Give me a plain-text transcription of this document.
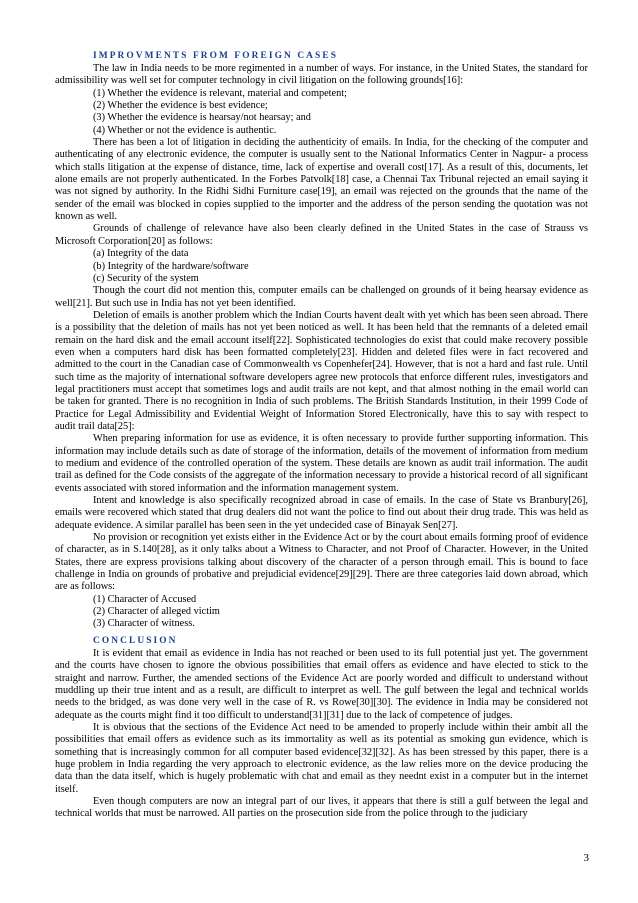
IMPROVMENTS FROM FOREIGN CASES

The law in India needs to be more regimented in a number of ways. For instance, in the United States, the standard for admissibility was well set for computer technology in civil litigation on the following grounds[16]:

(1) Whether the evidence is relevant, material and competent;

(2) Whether the evidence is best evidence;

(3) Whether the evidence is hearsay/not hearsay; and

(4) Whether or not the evidence is authentic.

There has been a lot of litigation in deciding the authenticity of emails. In India, for the checking of the computer and authenticating of any electronic evidence, the computer is usually sent to the National Informatics Center in Nagpur- a process which stalls litigation at the expense of distance, time, lack of expertise and overall cost[17]. As a result of this, documents, let alone emails are not properly authenticated. In the Forbes Patvolk[18] case, a Chennai Tax Tribunal rejected an email saying it was not signed by authority. In the Ridhi Sidhi Furniture case[19], an email was rejected on the grounds that the name of the sender of the email was blocked in copies supplied to the importer and the address of the person sending the quotation was not known as well.

Grounds of challenge of relevance have also been clearly defined in the United States in the case of Strauss vs Microsoft Corporation[20] as follows:

(a) Integrity of the data

(b) Integrity of the hardware/software

(c) Security of the system

Though the court did not mention this, computer emails can be challenged on grounds of it being hearsay evidence as well[21]. But such use in India has not yet been identified.

Deletion of emails is another problem which the Indian Courts havent dealt with yet which has been seen abroad. There is a possibility that the deletion of mails has not yet been noticed as well. It has been held that the remnants of a deleted email remain on the hard disk and the email account itself[22]. Sophisticated technologies do exist that could make recovery possible even when a computers hard disk has been formatted completely[23]. Hidden and deleted files were in fact recovered and admitted to the court in the Canadian case of Commonwealth vs Copenhefer[24]. However, that is not a hard and fast rule. Until such time as the majority of international software developers agree new protocols that enforce different rules, investigators and legal practitioners must accept that sometimes logs and audit trails are not kept, and that almost nothing in the email world can be taken for granted. There is no recognition in India of such problems. The British Standards Institution, in their 1999 Code of Practice for Legal Admissibility and Evidential Weight of Information Stored Electronically, have this to say with respect to audit trail data[25]:

When preparing information for use as evidence, it is often necessary to provide further supporting information. This information may include details such as date of storage of the information, details of the movement of information from medium to medium and evidence of the controlled operation of the system. These details are known as audit trail information. The audit trail as defined for the Code consists of the aggregate of the information necessary to provide a historical record of all significant events associated with stored information and the information management system.

Intent and knowledge is also specifically recognized abroad in case of emails. In the case of State vs Branbury[26], emails were recovered which stated that drug dealers did not want the police to find out about their drug trade. This was held as adequate evidence. A similar parallel has been seen in the yet undecided case of Binayak Sen[27].

No provision or recognition yet exists either in the Evidence Act or by the court about emails forming proof of evidence of character, as in S.140[28], as it only talks about a Witness to Character, and not Proof of Character. However, in the United States, there are express provisions talking about discovery of the character of a person through email. This is bound to face challenge in India on grounds of probative and prejudicial evidence[29][29]. There are three categories laid down abroad, which are as follows:

(1) Character of Accused

(2) Character of alleged victim

(3) Character of witness.

CONCLUSION

It is evident that email as evidence in India has not reached or been used to its full potential just yet. The government and the courts have chosen to ignore the obvious possibilities that email offers as evidence and have elected to stick to the straight and narrow. Further, the amended sections of the Evidence Act are poorly worded and difficult to understand without muddling up their true intent and as a result, are difficult to interpret as well. The gulf between the legal and technical worlds needs to the bridged, as was done very well in the case of R. vs Rowe[30][30]. The evidence in India may be considered not adequate as the courts might find it too difficult to understand[31][31] due to the lack of competence of judges.

It is obvious that the sections of the Evidence Act need to be amended to properly include within their ambit all the possibilities that email offers as evidence such as its immortality as well as its potential as smoking gun evidence, which is something that is increasingly common for all computer based evidence[32][32]. As has been stressed by this paper, there is a huge problem in India regarding the very approach to electronic evidence, as the law relies more on the device producing the data than the data itself, which is hugely problematic with chat and email as they neednt exist in a computer but in the internet itself.

Even though computers are now an integral part of our lives, it appears that there is still a gulf between the legal and technical worlds that must be narrowed. All parties on the prosecution side from the police through to the judiciary

3
